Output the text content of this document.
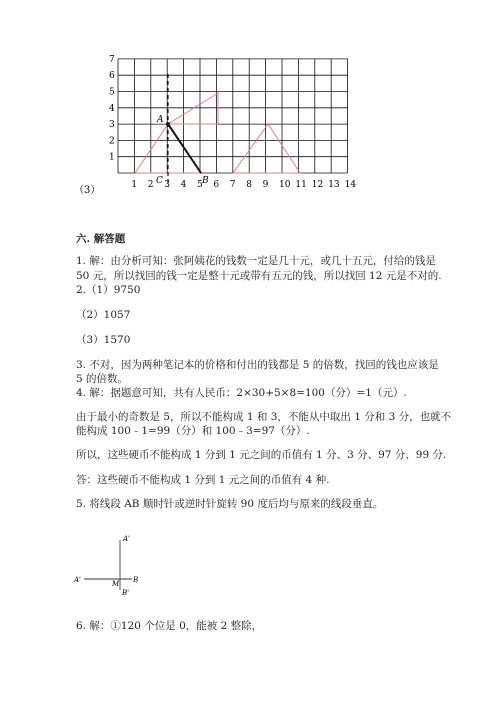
1 2 3 4 5 6 7 8 9 10 11 12 13 14
1
2
3
4
5
6
7
A
B
C
（3）
六. 解答题
1. 解：由分析可知：张阿姨花的钱数一定是几十元，或几十五元，付给的钱是
50 元，所以找回的钱一定是整十元或带有五元的钱，所以找回 12 元是不对的.
2.（1）9750
（2）1057
（3）1570
3. 不对，因为两种笔记本的价格和付出的钱都是 5 的倍数，找回的钱也应该是
5 的倍数。
4. 解：据题意可知，共有人民币：2×30+5×8=100（分）=1（元）.
由于最小的奇数是 5，所以不能构成 1 和 3，不能从中取出 1 分和 3 分，也就不
能构成 100﹣1=99（分）和 100﹣3=97（分）.
所以，这些硬币不能构成 1 分到 1 元之间的币值有 1 分、3 分、97 分、99 分.
答：这些硬币不能构成 1 分到 1 元之间的币值有 4 种.
5. 将线段 AB 顺时针或逆时针旋转 90 度后均与原来的线段垂直。
A'
A'	M B
B'
6. 解：①120 个位是 0，能被 2 整除，
